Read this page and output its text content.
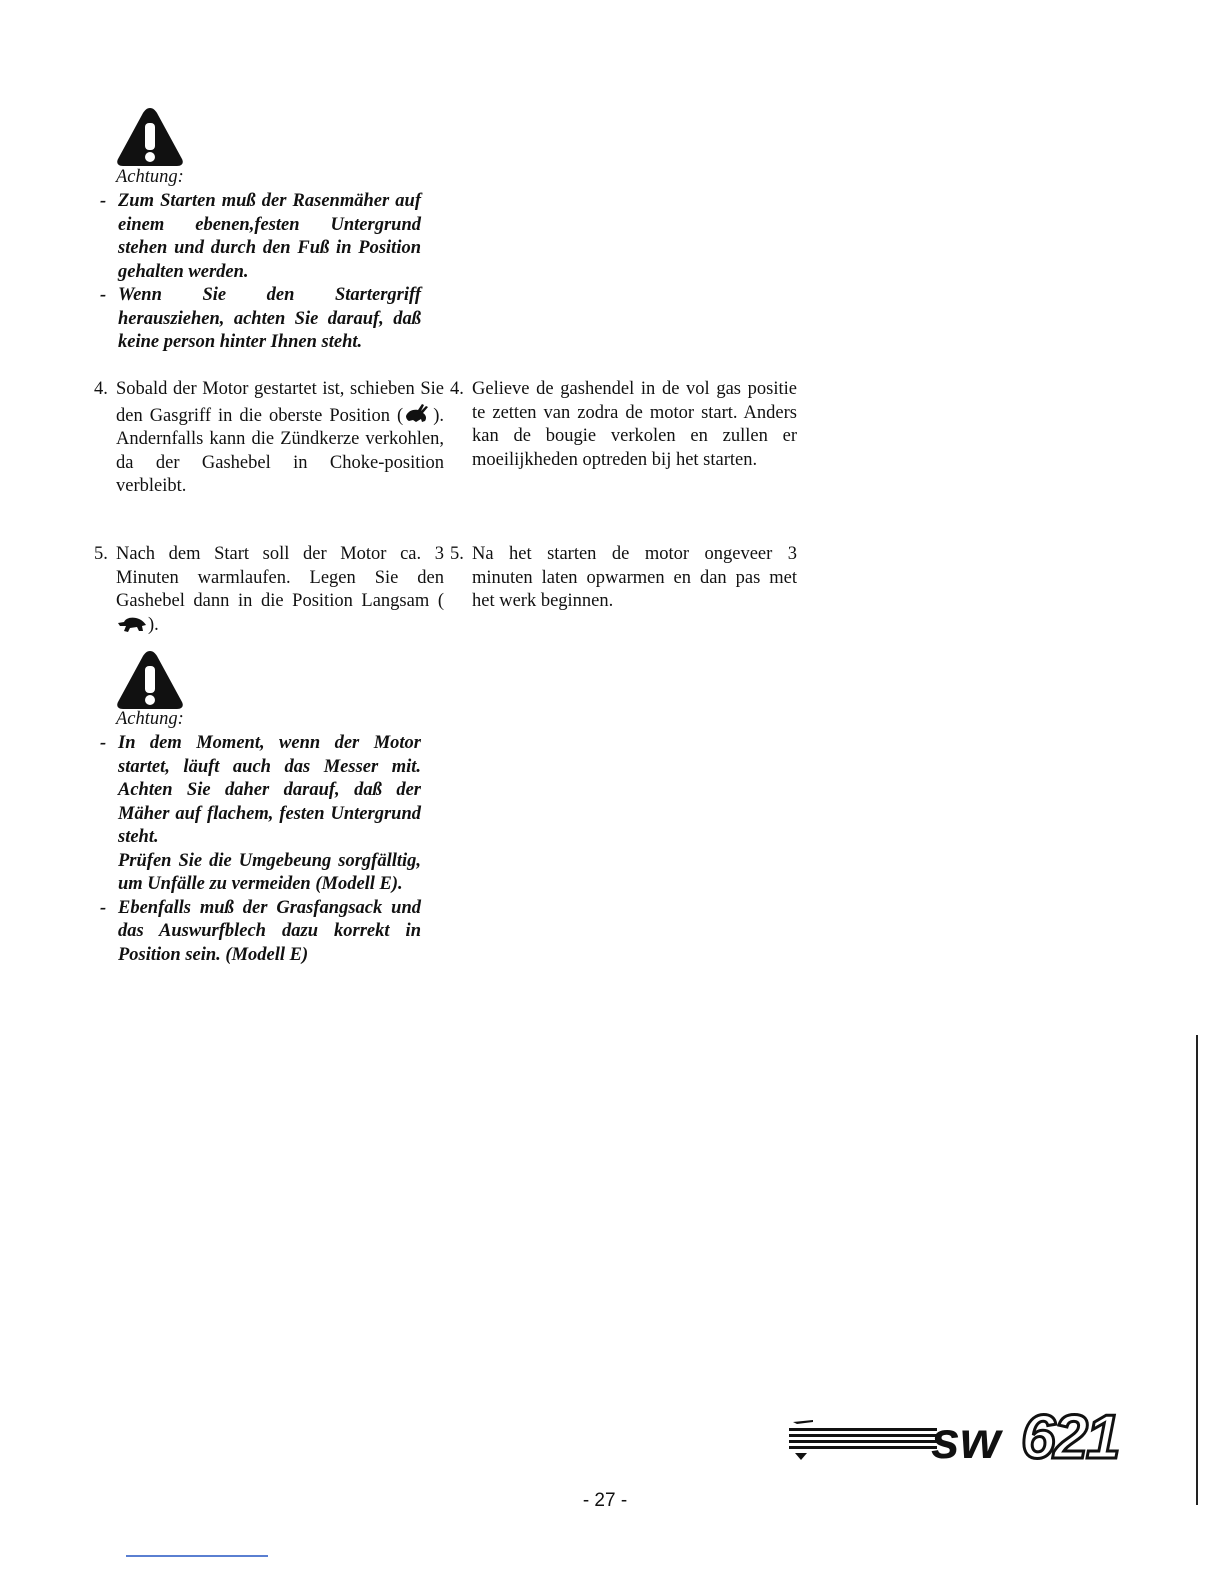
Achtung:
- Zum Starten muß der Rasenmäher auf einem ebenen,festen Untergrund stehen und durch den Fuß in Position gehalten werden.

- Wenn Sie den Startergriff herausziehen, achten Sie darauf, daß keine person hinter Ihnen steht.

4. Sobald der Motor gestartet ist, schieben Sie den Gasgriff in die oberste Position ( ). Andernfalls kann die Zündkerze verkohlen, da der Gashebel in Choke-position verbleibt.

4. Gelieve de gashendel in de vol gas positie te zetten van zodra de motor start. Anders kan de bougie verkolen en zullen er moeilijkheden optreden bij het starten.

5. Nach dem Start soll der Motor ca. 3 Minuten warmlaufen. Legen Sie den Gashebel dann in die Position Langsam ().

5. Na het starten de motor ongeveer 3 minuten laten opwarmen en dan pas met het werk beginnen.

Achtung:
- In dem Moment, wenn der Motor startet, läuft auch das Messer mit. Achten Sie daher darauf, daß der Mäher auf flachem, festen Untergrund steht.

Prüfen Sie die Umgebeung sorgfälltig, um Unfälle zu vermeiden (Modell E).

- Ebenfalls muß der Grasfangsack und das Auswurfblech dazu korrekt in Position sein. (Modell E)

sw 621
- 27 -
